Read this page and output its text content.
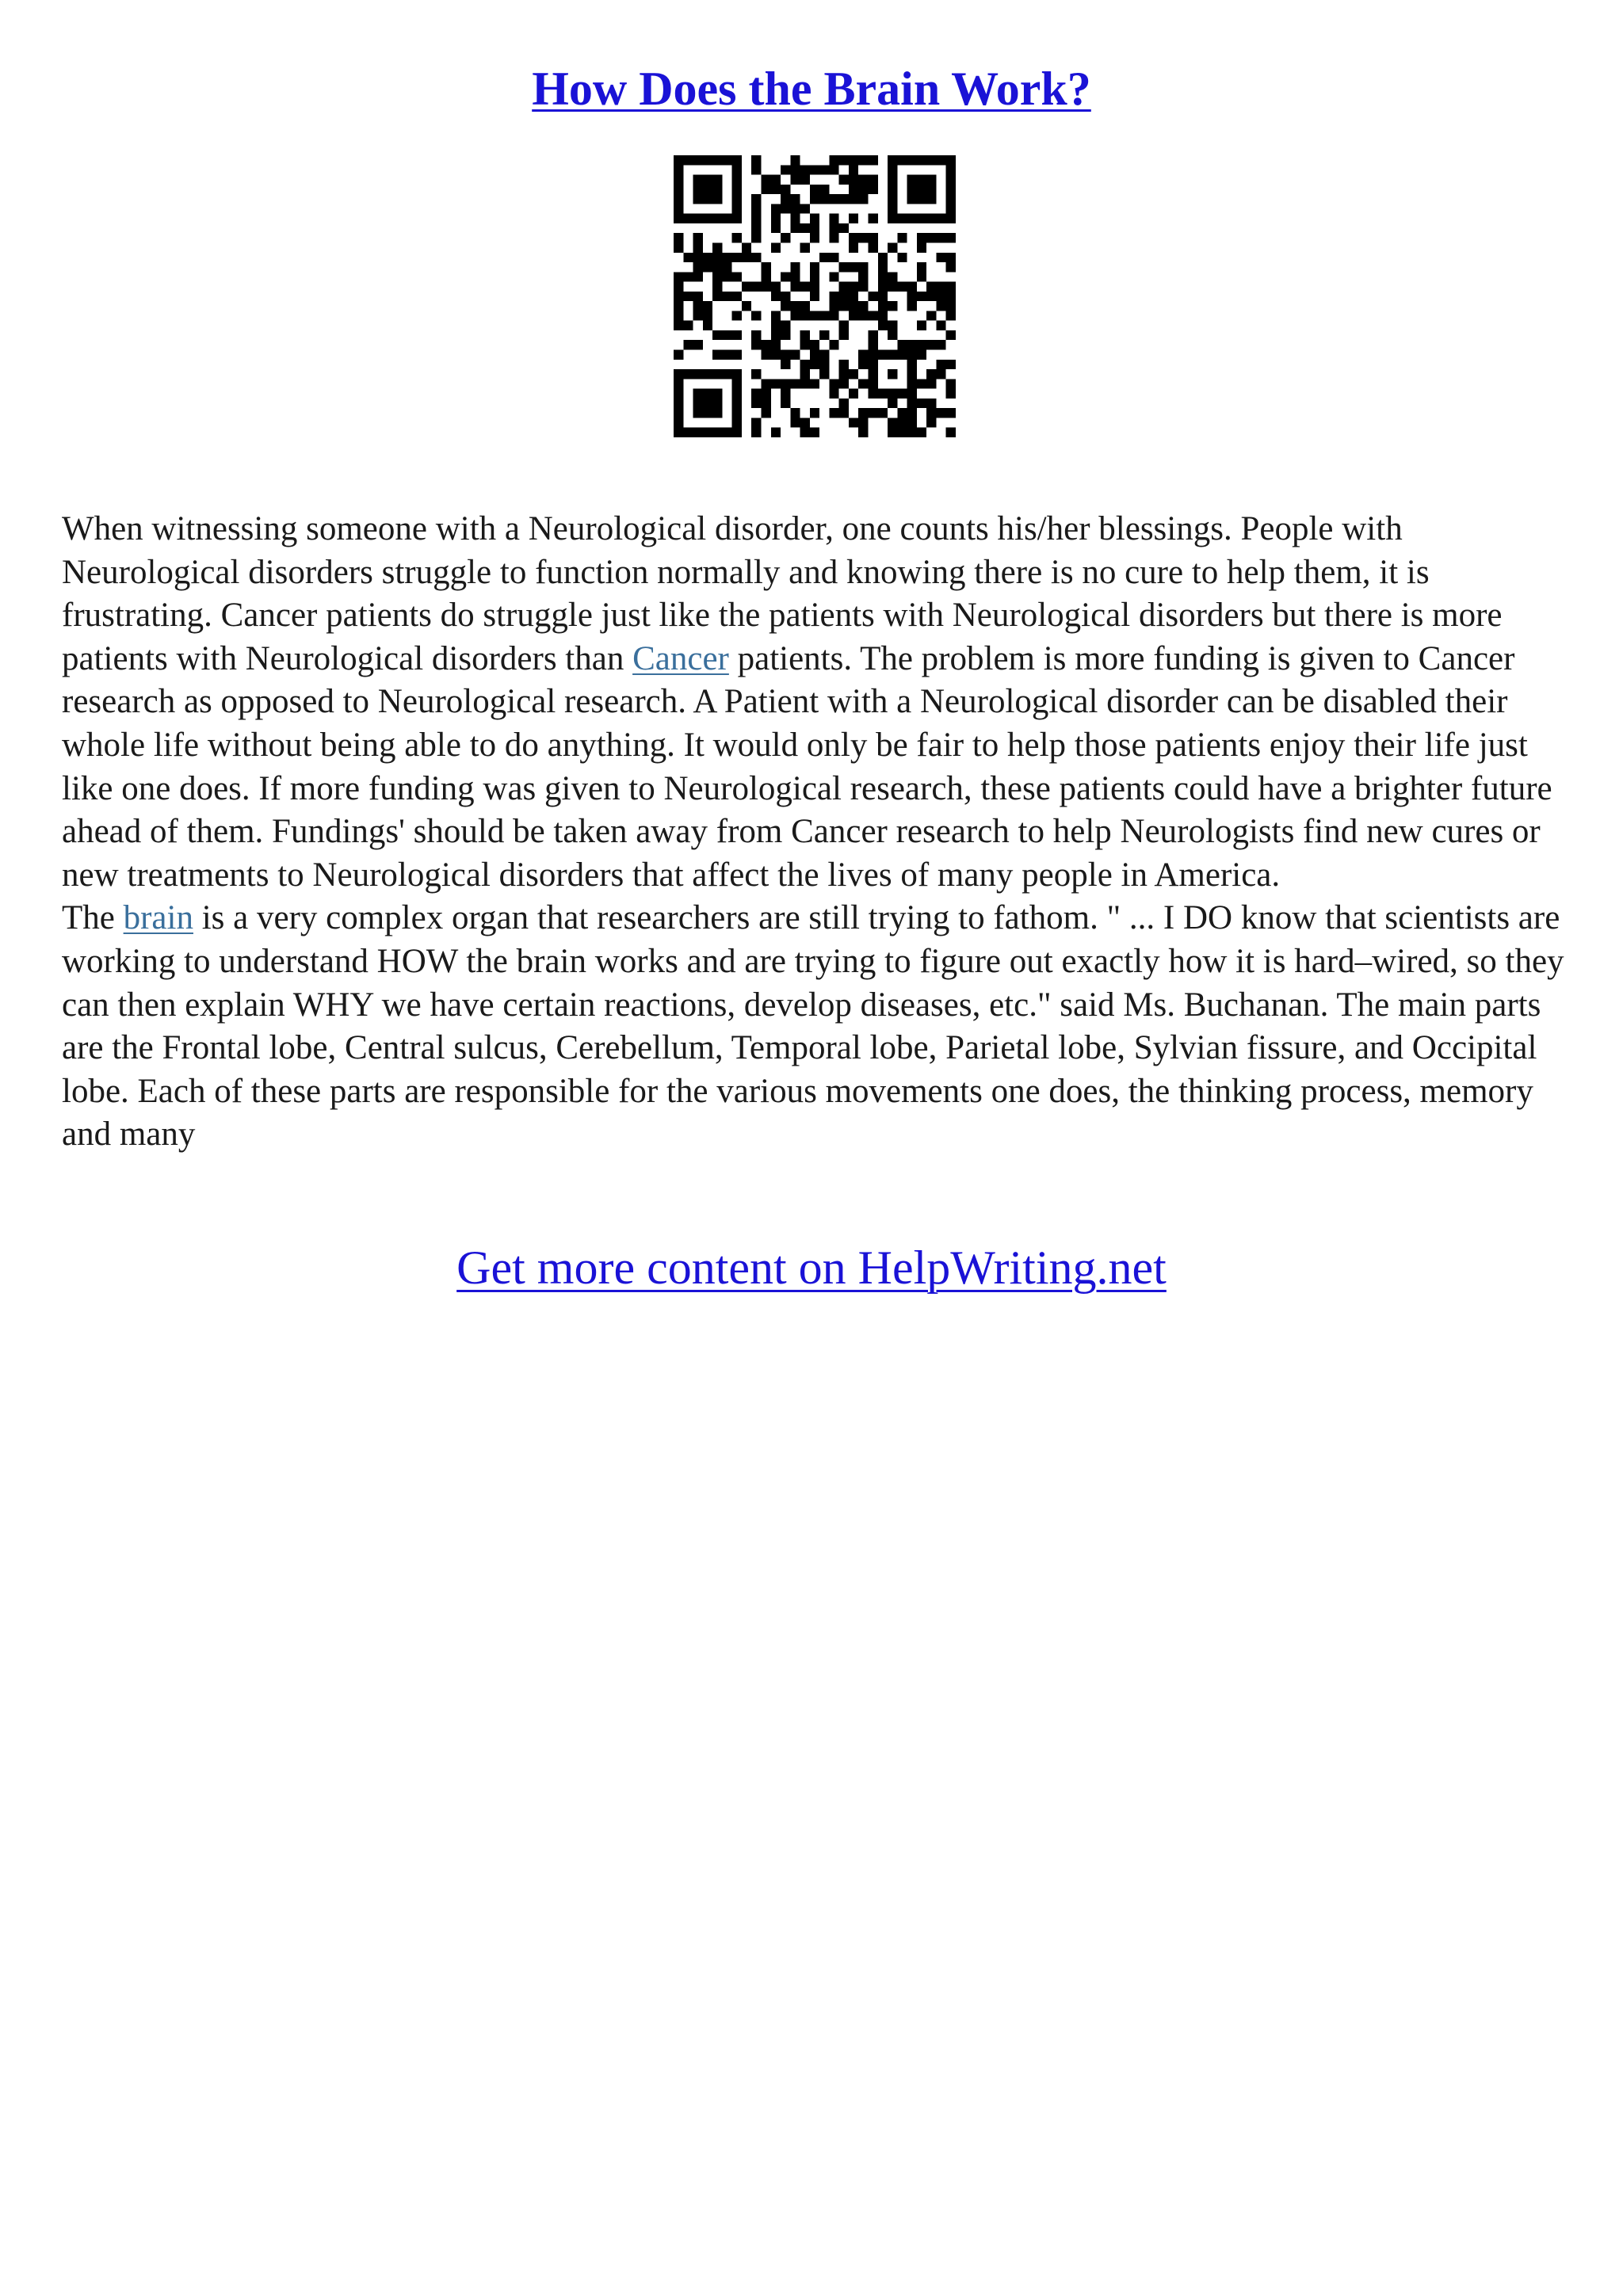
How Does the Brain Work?

When witnessing someone with a Neurological disorder, one counts his/her blessings. People with Neurological disorders struggle to function normally and knowing there is no cure to help them, it is frustrating. Cancer patients do struggle just like the patients with Neurological disorders but there is more patients with Neurological disorders than Cancer patients. The problem is more funding is given to Cancer research as opposed to Neurological research. A Patient with a Neurological disorder can be disabled their whole life without being able to do anything. It would only be fair to help those patients enjoy their life just like one does. If more funding was given to Neurological research, these patients could have a brighter future ahead of them. Fundings' should be taken away from Cancer research to help Neurologists find new cures or new treatments to Neurological disorders that affect the lives of many people in America.

The brain is a very complex organ that researchers are still trying to fathom. " ... I DO know that scientists are working to understand HOW the brain works and are trying to figure out exactly how it is hard–wired, so they can then explain WHY we have certain reactions, develop diseases, etc." said Ms. Buchanan. The main parts are the Frontal lobe, Central sulcus, Cerebellum, Temporal lobe, Parietal lobe, Sylvian fissure, and Occipital lobe. Each of these parts are responsible for the various movements one does, the thinking process, memory and many

Get more content on HelpWriting.net
